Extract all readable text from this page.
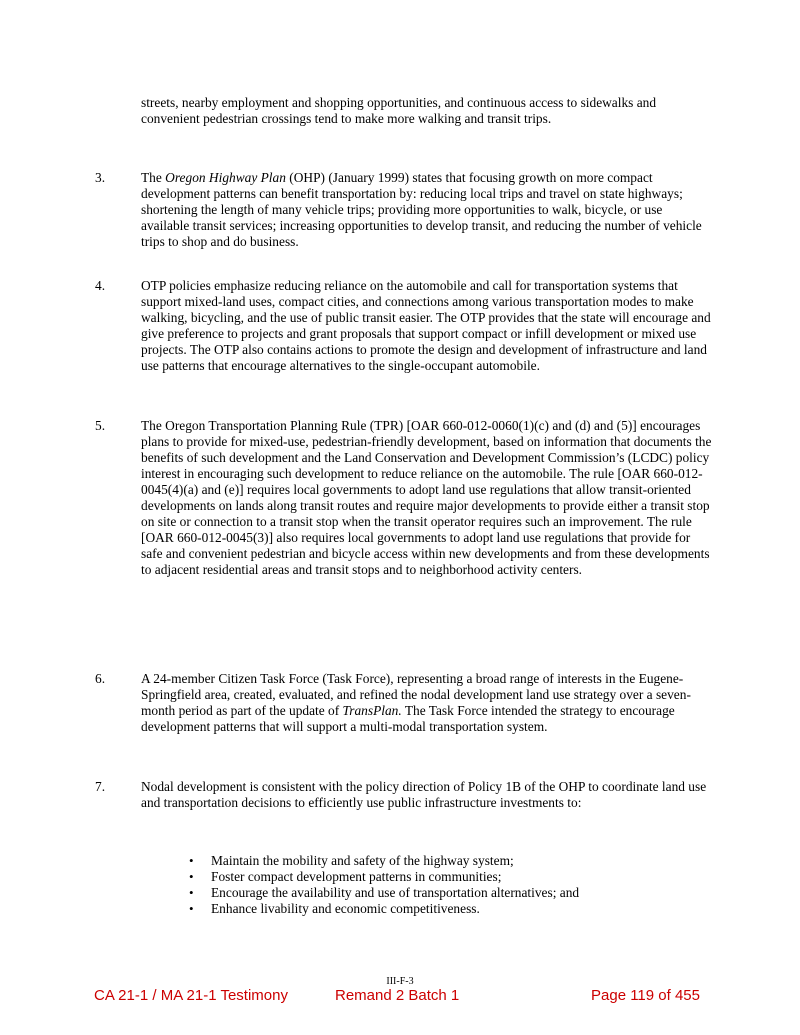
streets, nearby employment and shopping opportunities, and continuous access to sidewalks and convenient pedestrian crossings tend to make more walking and transit trips.

3.	The Oregon Highway Plan (OHP) (January 1999) states that focusing growth on more compact development patterns can benefit transportation by: reducing local trips and travel on state highways; shortening the length of many vehicle trips; providing more opportunities to walk, bicycle, or use available transit services; increasing opportunities to develop transit, and reducing the number of vehicle trips to shop and do business.

4.	OTP policies emphasize reducing reliance on the automobile and call for transportation systems that support mixed-land uses, compact cities, and connections among various transportation modes to make walking, bicycling, and the use of public transit easier. The OTP provides that the state will encourage and give preference to projects and grant proposals that support compact or infill development or mixed use projects. The OTP also contains actions to promote the design and development of infrastructure and land use patterns that encourage alternatives to the single-occupant automobile.

5.	The Oregon Transportation Planning Rule (TPR) [OAR 660-012-0060(1)(c) and (d) and (5)] encourages plans to provide for mixed-use, pedestrian-friendly development, based on information that documents the benefits of such development and the Land Conservation and Development Commission’s (LCDC) policy interest in encouraging such development to reduce reliance on the automobile. The rule [OAR 660-012-0045(4)(a) and (e)] requires local governments to adopt land use regulations that allow transit-oriented developments on lands along transit routes and require major developments to provide either a transit stop on site or connection to a transit stop when the transit operator requires such an improvement. The rule [OAR 660-012-0045(3)] also requires local governments to adopt land use regulations that provide for safe and convenient pedestrian and bicycle access within new developments and from these developments to adjacent residential areas and transit stops and to neighborhood activity centers.

6.	A 24-member Citizen Task Force (Task Force), representing a broad range of interests in the Eugene-Springfield area, created, evaluated, and refined the nodal development land use strategy over a seven-month period as part of the update of TransPlan. The Task Force intended the strategy to encourage development patterns that will support a multi-modal transportation system.

7.	Nodal development is consistent with the policy direction of Policy 1B of the OHP to coordinate land use and transportation decisions to efficiently use public infrastructure investments to:

• Maintain the mobility and safety of the highway system;
• Foster compact development patterns in communities;
• Encourage the availability and use of transportation alternatives; and
• Enhance livability and economic competitiveness.
III-F-3
CA 21-1 / MA 21-1 Testimony	Remand 2 Batch 1	Page 119 of 455
